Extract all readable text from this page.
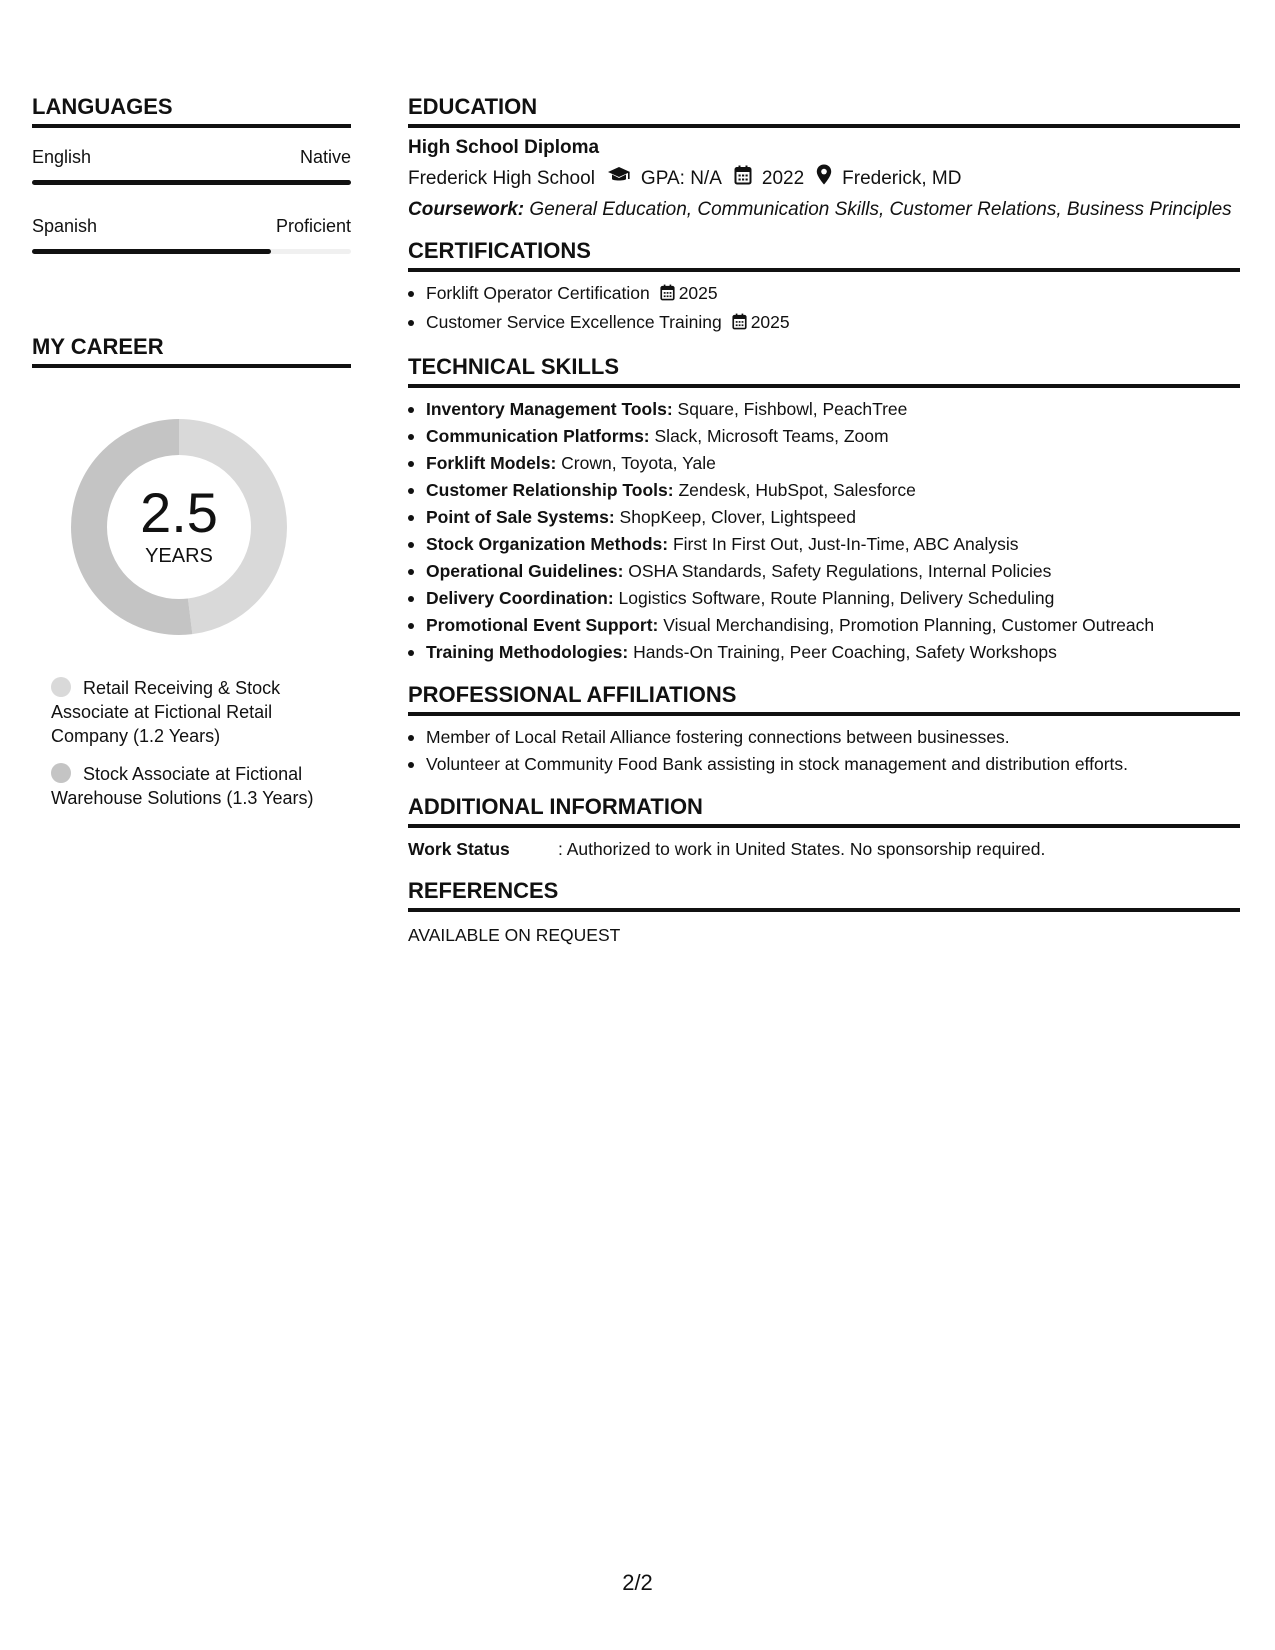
LANGUAGES
English	Native
Spanish	Proficient
MY CAREER
2.5
YEARS
Retail Receiving & Stock Associate at Fictional Retail Company (1.2 Years)
Stock Associate at Fictional Warehouse Solutions (1.3 Years)
EDUCATION
High School Diploma
Frederick High School GPA: N/A 2022 Frederick, MD
Coursework: General Education, Communication Skills, Customer Relations, Business Principles
CERTIFICATIONS
Forklift Operator Certification 2025
Customer Service Excellence Training 2025
TECHNICAL SKILLS
Inventory Management Tools: Square, Fishbowl, PeachTree
Communication Platforms: Slack, Microsoft Teams, Zoom
Forklift Models: Crown, Toyota, Yale
Customer Relationship Tools: Zendesk, HubSpot, Salesforce
Point of Sale Systems: ShopKeep, Clover, Lightspeed
Stock Organization Methods: First In First Out, Just-In-Time, ABC Analysis
Operational Guidelines: OSHA Standards, Safety Regulations, Internal Policies
Delivery Coordination: Logistics Software, Route Planning, Delivery Scheduling
Promotional Event Support: Visual Merchandising, Promotion Planning, Customer Outreach
Training Methodologies: Hands-On Training, Peer Coaching, Safety Workshops
PROFESSIONAL AFFILIATIONS
Member of Local Retail Alliance fostering connections between businesses.
Volunteer at Community Food Bank assisting in stock management and distribution efforts.
ADDITIONAL INFORMATION
Work Status	: Authorized to work in United States. No sponsorship required.
REFERENCES
AVAILABLE ON REQUEST
2/2
